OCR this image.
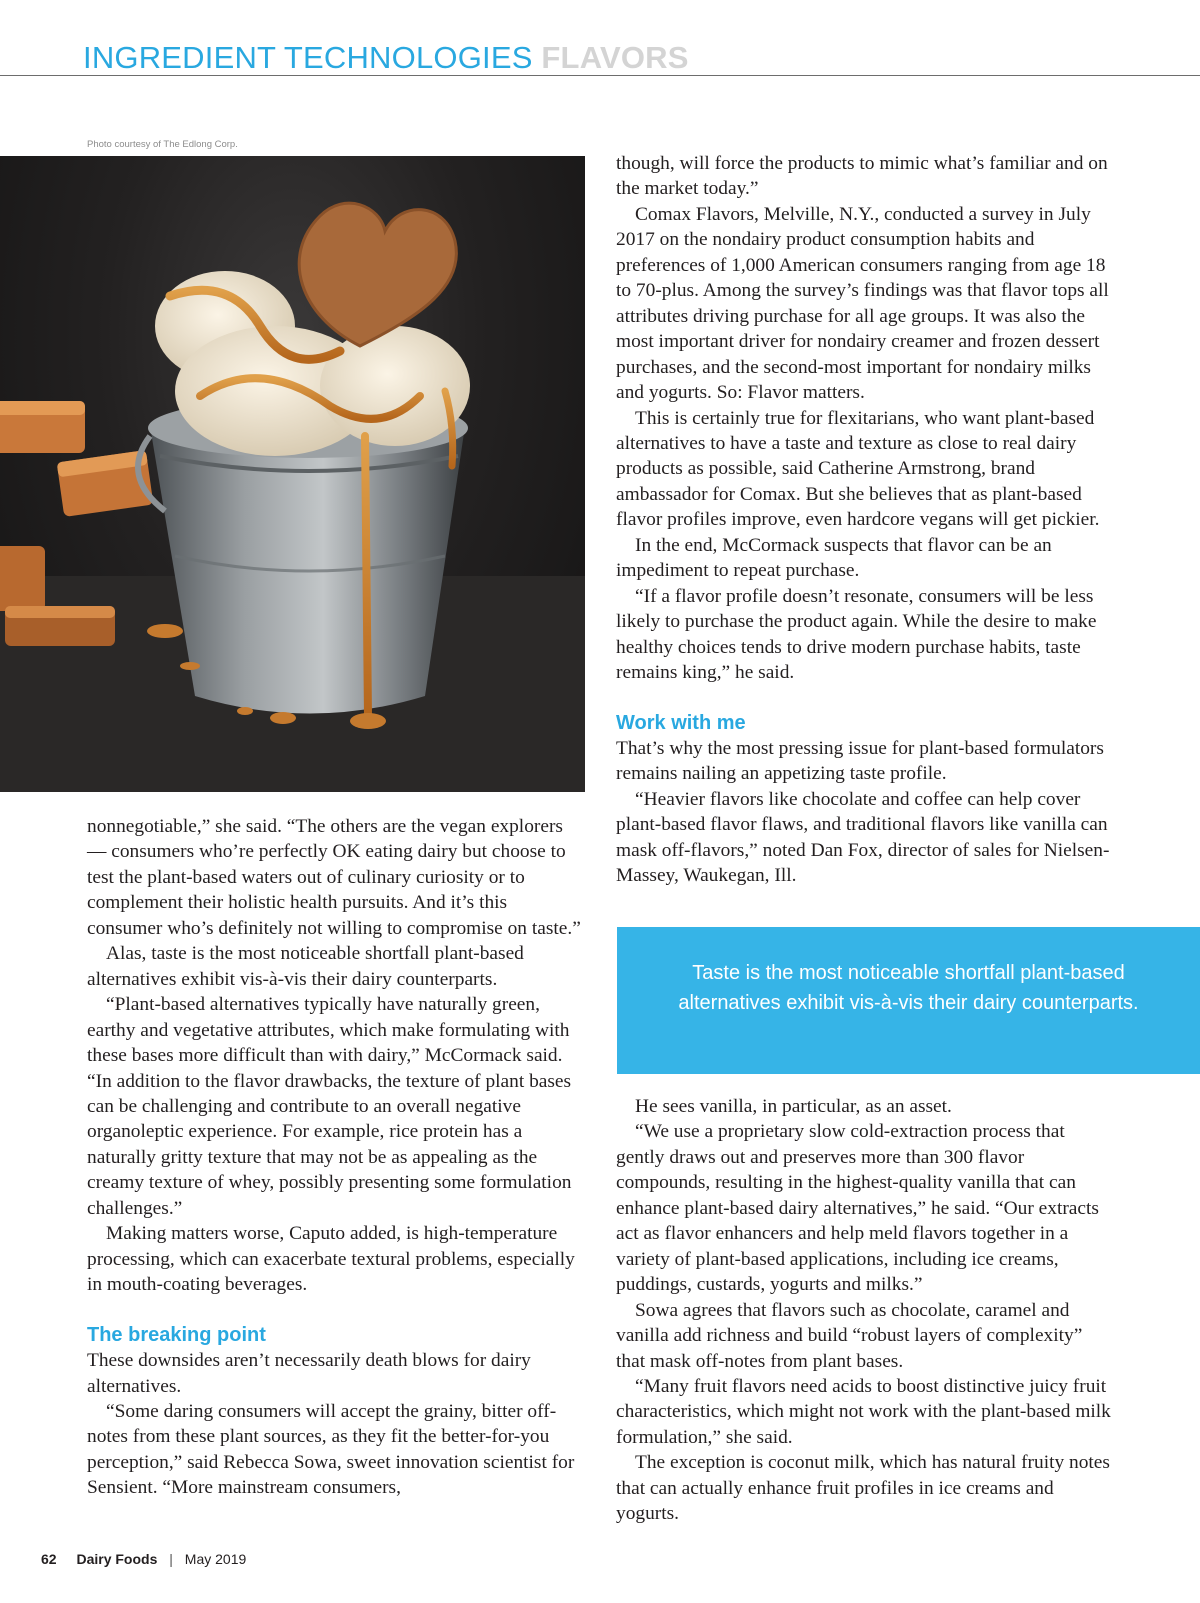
INGREDIENT TECHNOLOGIES FLAVORS
Photo courtesy of The Edlong Corp.

nonnegotiable,” she said. “The others are the vegan explorers — consumers who’re perfectly OK eating dairy but choose to test the plant-based waters out of culinary curiosity or to complement their holistic health pursuits. And it’s this consumer who’s definitely not willing to compromise on taste.”

Alas, taste is the most noticeable shortfall plant-based alternatives exhibit vis-à-vis their dairy counterparts.

“Plant-based alternatives typically have naturally green, earthy and vegetative attributes, which make formulating with these bases more difficult than with dairy,” McCormack said. “In addition to the flavor drawbacks, the texture of plant bases can be challenging and contribute to an overall negative organoleptic experience. For example, rice protein has a naturally gritty texture that may not be as appealing as the creamy texture of whey, possibly presenting some formulation challenges.”

Making matters worse, Caputo added, is high-temperature processing, which can exacerbate textural problems, especially in mouth-coating beverages.

The breaking point

These downsides aren’t necessarily death blows for dairy alternatives.

“Some daring consumers will accept the grainy, bitter off-notes from these plant sources, as they fit the better-for-you perception,” said Rebecca Sowa, sweet innovation scientist for Sensient. “More mainstream consumers,

though, will force the products to mimic what’s familiar and on the market today.”

Comax Flavors, Melville, N.Y., conducted a survey in July 2017 on the nondairy product consumption habits and preferences of 1,000 American consumers ranging from age 18 to 70-plus. Among the survey’s findings was that flavor tops all attributes driving purchase for all age groups. It was also the most important driver for nondairy creamer and frozen dessert purchases, and the second-most important for nondairy milks and yogurts. So: Flavor matters.

This is certainly true for flexitarians, who want plant-based alternatives to have a taste and texture as close to real dairy products as possible, said Catherine Armstrong, brand ambassador for Comax. But she believes that as plant-based flavor profiles improve, even hardcore vegans will get pickier.

In the end, McCormack suspects that flavor can be an impediment to repeat purchase.

“If a flavor profile doesn’t resonate, consumers will be less likely to purchase the product again. While the desire to make healthy choices tends to drive modern purchase habits, taste remains king,” he said.

Work with me

That’s why the most pressing issue for plant-based formulators remains nailing an appetizing taste profile.

“Heavier flavors like chocolate and coffee can help cover plant-based flavor flaws, and traditional flavors like vanilla can mask off-flavors,” noted Dan Fox, director of sales for Nielsen-Massey, Waukegan, Ill.

Taste is the most noticeable shortfall plant-based alternatives exhibit vis-à-vis their dairy counterparts.

He sees vanilla, in particular, as an asset.

“We use a proprietary slow cold-extraction process that gently draws out and preserves more than 300 flavor compounds, resulting in the highest-quality vanilla that can enhance plant-based dairy alternatives,” he said. “Our extracts act as flavor enhancers and help meld flavors together in a variety of plant-based applications, including ice creams, puddings, custards, yogurts and milks.”

Sowa agrees that flavors such as chocolate, caramel and vanilla add richness and build “robust layers of complexity” that mask off-notes from plant bases.

“Many fruit flavors need acids to boost distinctive juicy fruit characteristics, which might not work with the plant-based milk formulation,” she said.

The exception is coconut milk, which has natural fruity notes that can actually enhance fruit profiles in ice creams and yogurts.

62 Dairy Foods | May 2019
